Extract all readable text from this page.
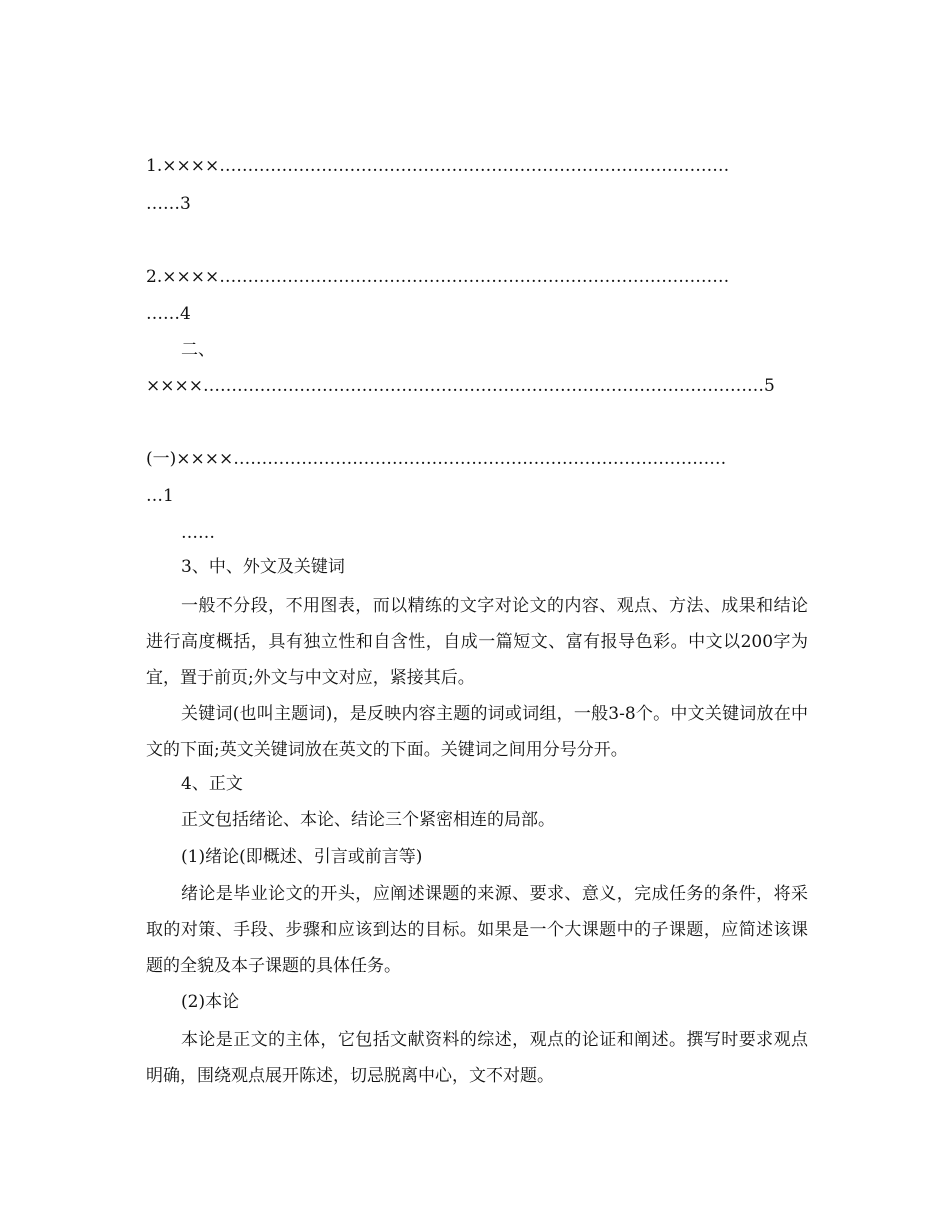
1.××××………………………………………………………………………………
……3
2.××××………………………………………………………………………………
……4
二、
××××………………………………………………………………………………………5
(一)××××……………………………………………………………………………
…1
……
3、中、外文及关键词
一般不分段，不用图表，而以精练的文字对论文的内容、观点、方法、成果和结论进行高度概括，具有独立性和自含性，自成一篇短文、富有报导色彩。中文以200字为宜，置于前页;外文与中文对应，紧接其后。
关键词(也叫主题词)，是反映内容主题的词或词组，一般3-8个。中文关键词放在中文的下面;英文关键词放在英文的下面。关键词之间用分号分开。
4、正文
正文包括绪论、本论、结论三个紧密相连的局部。
(1)绪论(即概述、引言或前言等)
绪论是毕业论文的开头，应阐述课题的来源、要求、意义，完成任务的条件，将采取的对策、手段、步骤和应该到达的目标。如果是一个大课题中的子课题，应简述该课题的全貌及本子课题的具体任务。
(2)本论
本论是正文的主体，它包括文献资料的综述，观点的论证和阐述。撰写时要求观点明确，围绕观点展开陈述，切忌脱离中心，文不对题。
